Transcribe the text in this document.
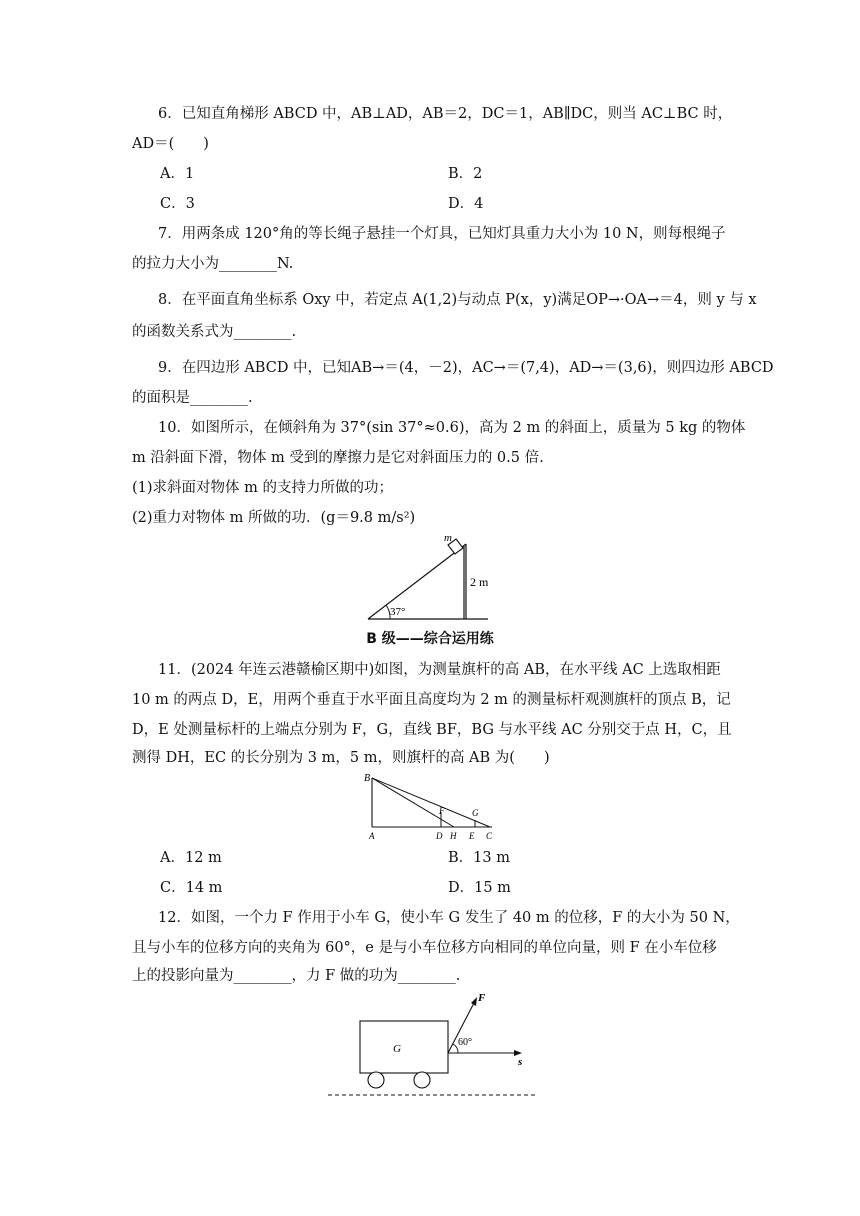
6．已知直角梯形 ABCD 中，AB⊥AD，AB＝2，DC＝1，AB∥DC，则当 AC⊥BC 时，
AD＝(　　)
A．1	B．2
C．3	D．4
7．用两条成 120°角的等长绳子悬挂一个灯具，已知灯具重力大小为 10 N，则每根绳子
的拉力大小为________N.
8．在平面直角坐标系 Oxy 中，若定点 A(1,2)与动点 P(x，y)满足OP→·OA→＝4，则 y 与 x
的函数关系式为________.
9．在四边形 ABCD 中，已知AB→＝(4，－2)，AC→＝(7,4)，AD→＝(3,6)，则四边形 ABCD
的面积是________.
10．如图所示，在倾斜角为 37°(sin 37°≈0.6)，高为 2 m 的斜面上，质量为 5 kg 的物体
m 沿斜面下滑，物体 m 受到的摩擦力是它对斜面压力的 0.5 倍.
(1)求斜面对物体 m 的支持力所做的功；
(2)重力对物体 m 所做的功．(g＝9.8 m/s²)
m
2 m
37°
B 级——综合运用练
11．(2024 年连云港赣榆区期中)如图，为测量旗杆的高 AB，在水平线 AC 上选取相距
10 m 的两点 D，E，用两个垂直于水平面且高度均为 2 m 的测量标杆观测旗杆的顶点 B，记
D，E 处测量标杆的上端点分别为 F，G，直线 BF，BG 与水平线 AC 分别交于点 H，C，且
测得 DH，EC 的长分别为 3 m，5 m，则旗杆的高 AB 为(　　)
B
F	G
A	D H E C
A．12 m	B．13 m
C．14 m	D．15 m
12．如图，一个力 F 作用于小车 G，使小车 G 发生了 40 m 的位移，F 的大小为 50 N，
且与小车的位移方向的夹角为 60°，e 是与小车位移方向相同的单位向量，则 F 在小车位移
上的投影向量为________，力 F 做的功为________.
G
s
F
60°
